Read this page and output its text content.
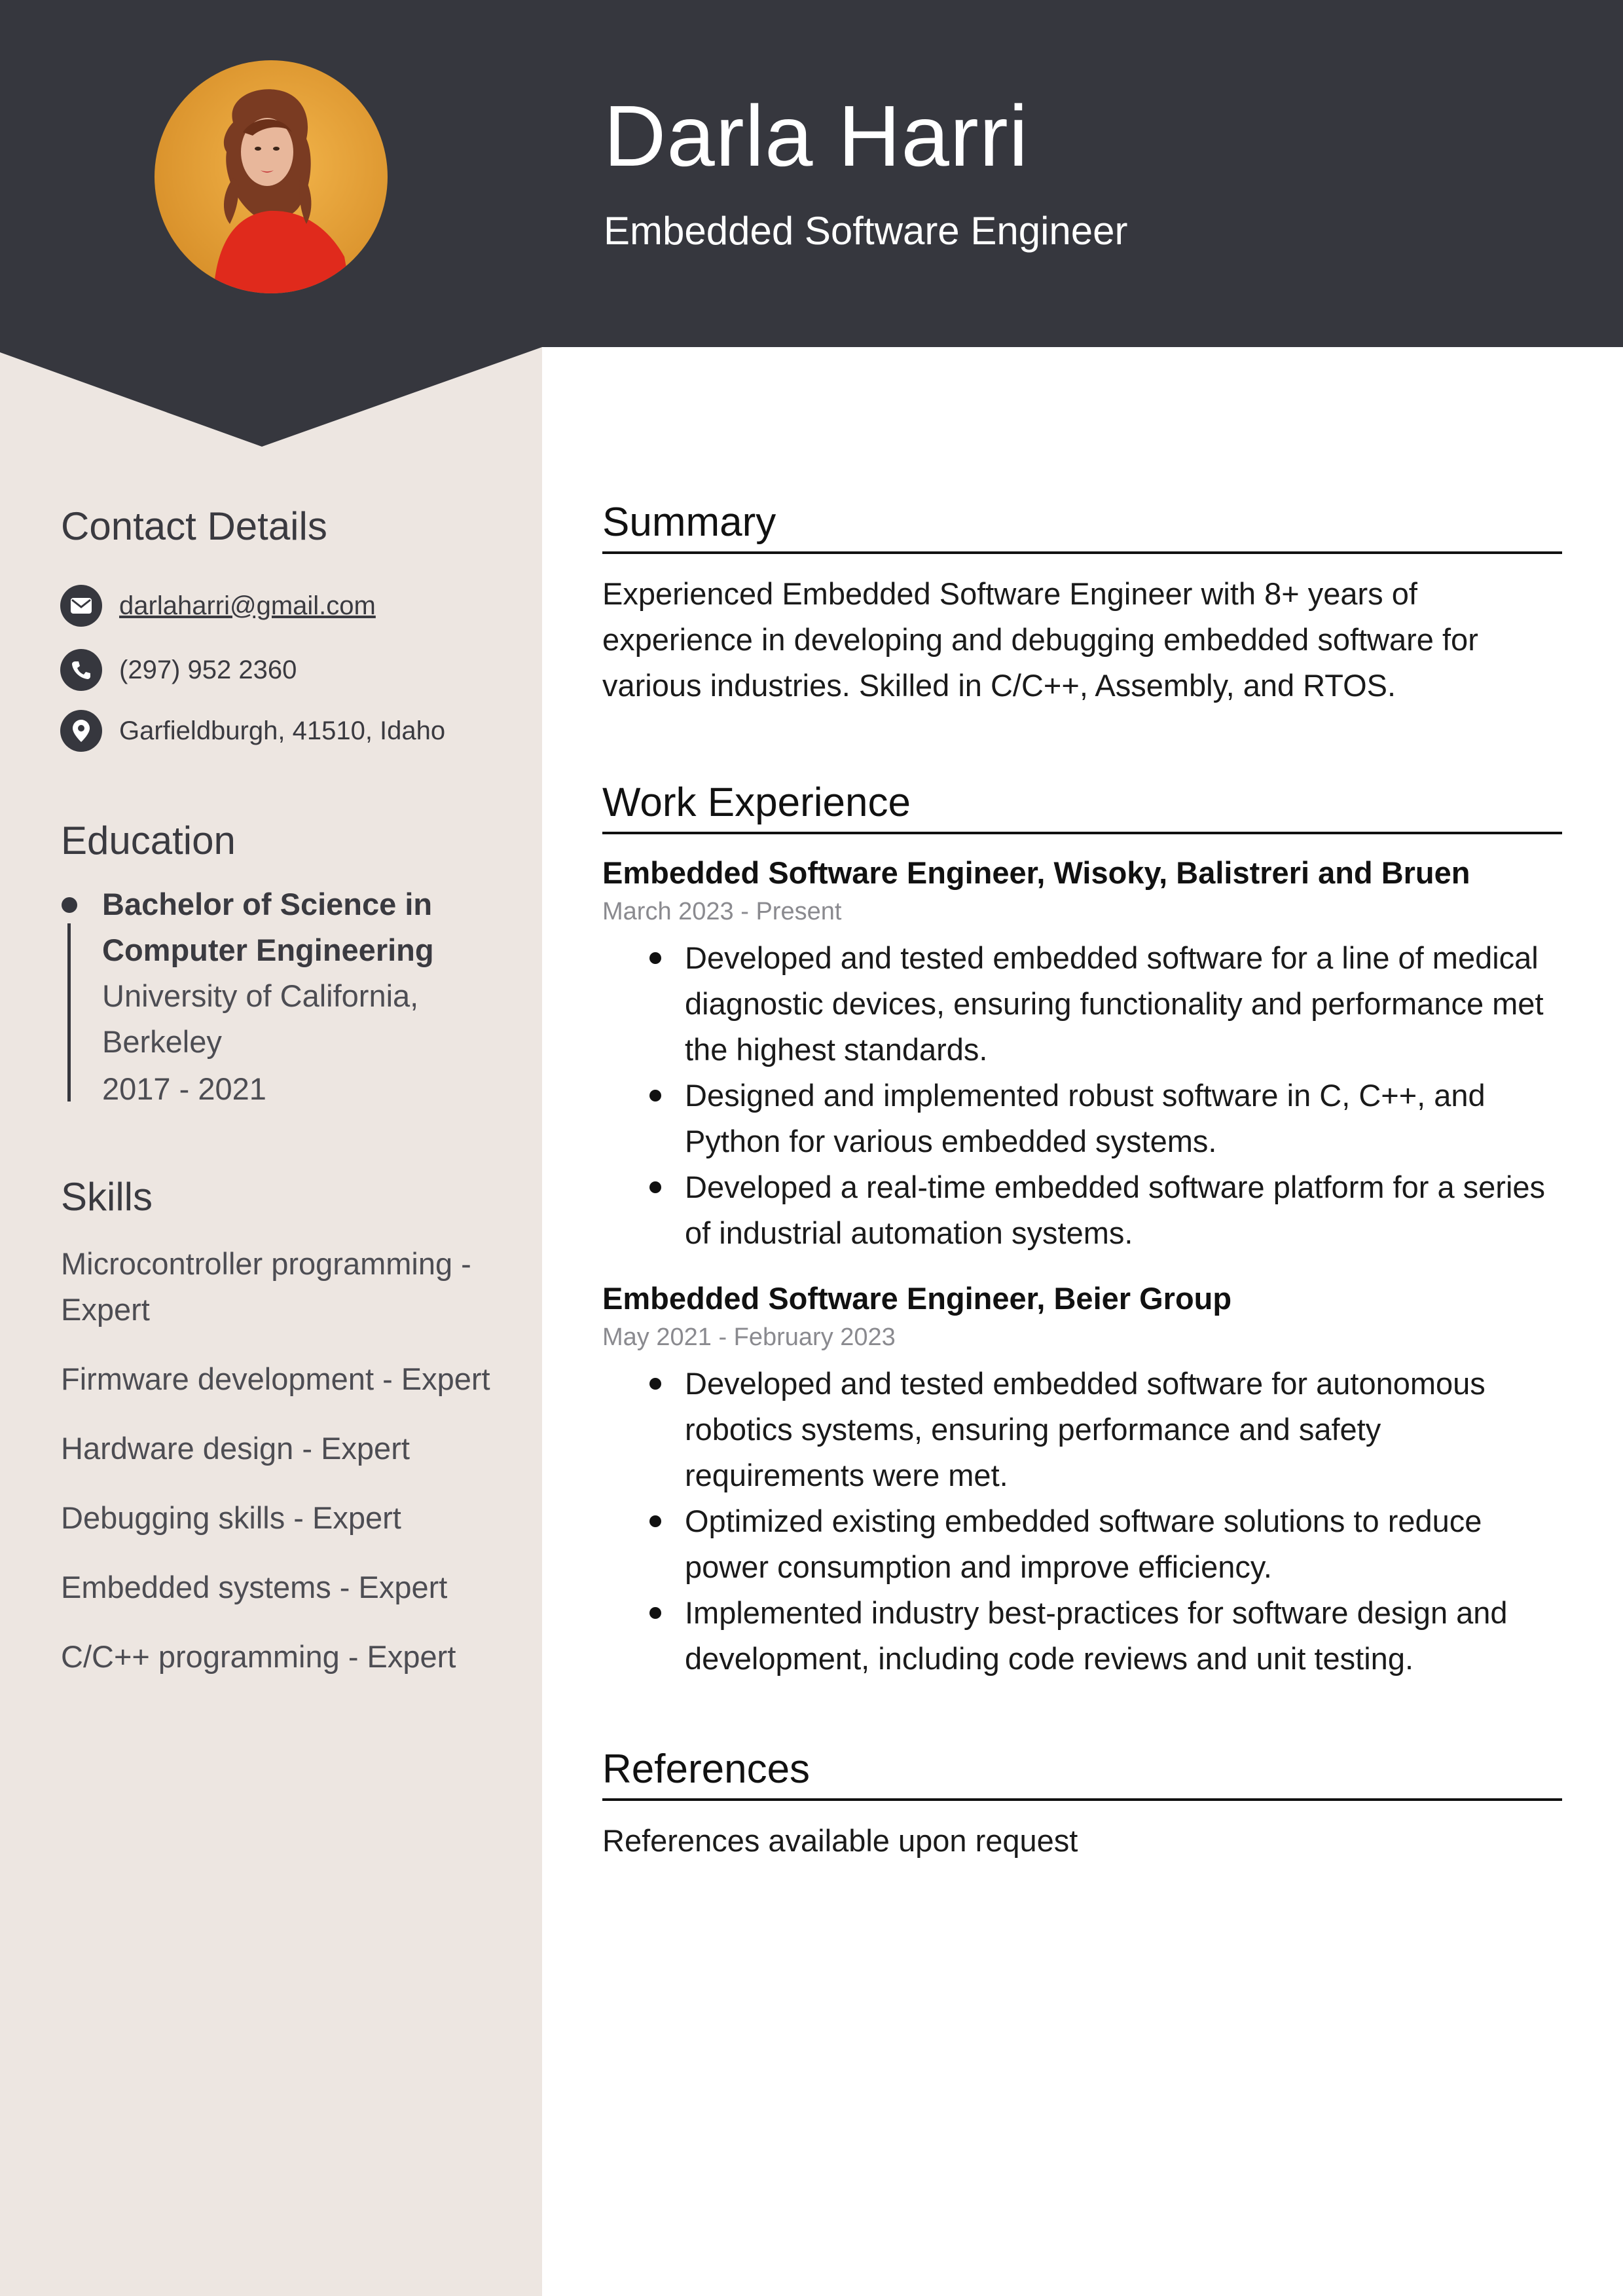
Darla Harri
Embedded Software Engineer
Contact Details
darlaharri@gmail.com
(297) 952 2360
Garfieldburgh, 41510, Idaho
Education
Bachelor of Science in Computer Engineering
University of California, Berkeley
2017 - 2021
Skills
Microcontroller programming - Expert
Firmware development - Expert
Hardware design - Expert
Debugging skills - Expert
Embedded systems - Expert
C/C++ programming - Expert
Summary
Experienced Embedded Software Engineer with 8+ years of experience in developing and debugging embedded software for various industries. Skilled in C/C++, Assembly, and RTOS.
Work Experience
Embedded Software Engineer, Wisoky, Balistreri and Bruen
March 2023 - Present
Developed and tested embedded software for a line of medical diagnostic devices, ensuring functionality and performance met the highest standards.
Designed and implemented robust software in C, C++, and Python for various embedded systems.
Developed a real-time embedded software platform for a series of industrial automation systems.
Embedded Software Engineer, Beier Group
May 2021 - February 2023
Developed and tested embedded software for autonomous robotics systems, ensuring performance and safety requirements were met.
Optimized existing embedded software solutions to reduce power consumption and improve efficiency.
Implemented industry best-practices for software design and development, including code reviews and unit testing.
References
References available upon request
